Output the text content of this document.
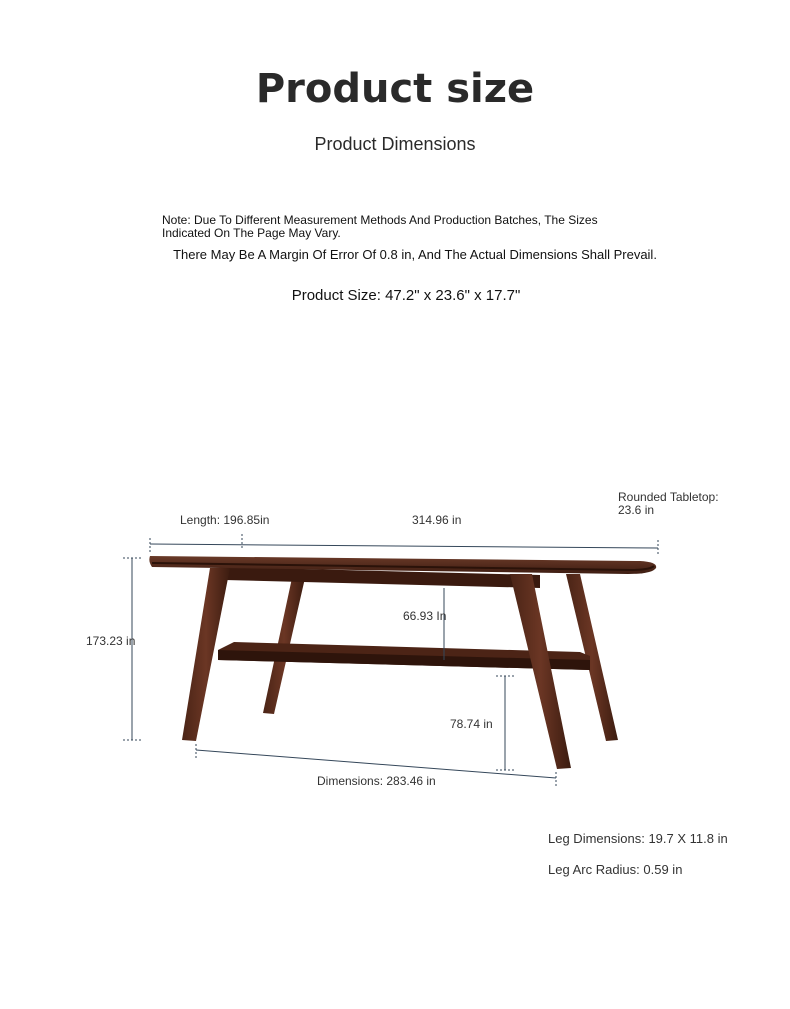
Product size
Product Dimensions
Note: Due To Different Measurement Methods And Production Batches, The Sizes Indicated On The Page May Vary.
There May Be A Margin Of Error Of 0.8 in, And The Actual Dimensions Shall Prevail.
Product Size: 47.2" x 23.6" x 17.7"
Length: 196.85in	314.96 in
Rounded Tabletop:
23.6 in
173.23 in
66.93 In
78.74 in
Dimensions: 283.46 in
Leg Dimensions: 19.7 X 11.8 in
Leg Arc Radius: 0.59 in
